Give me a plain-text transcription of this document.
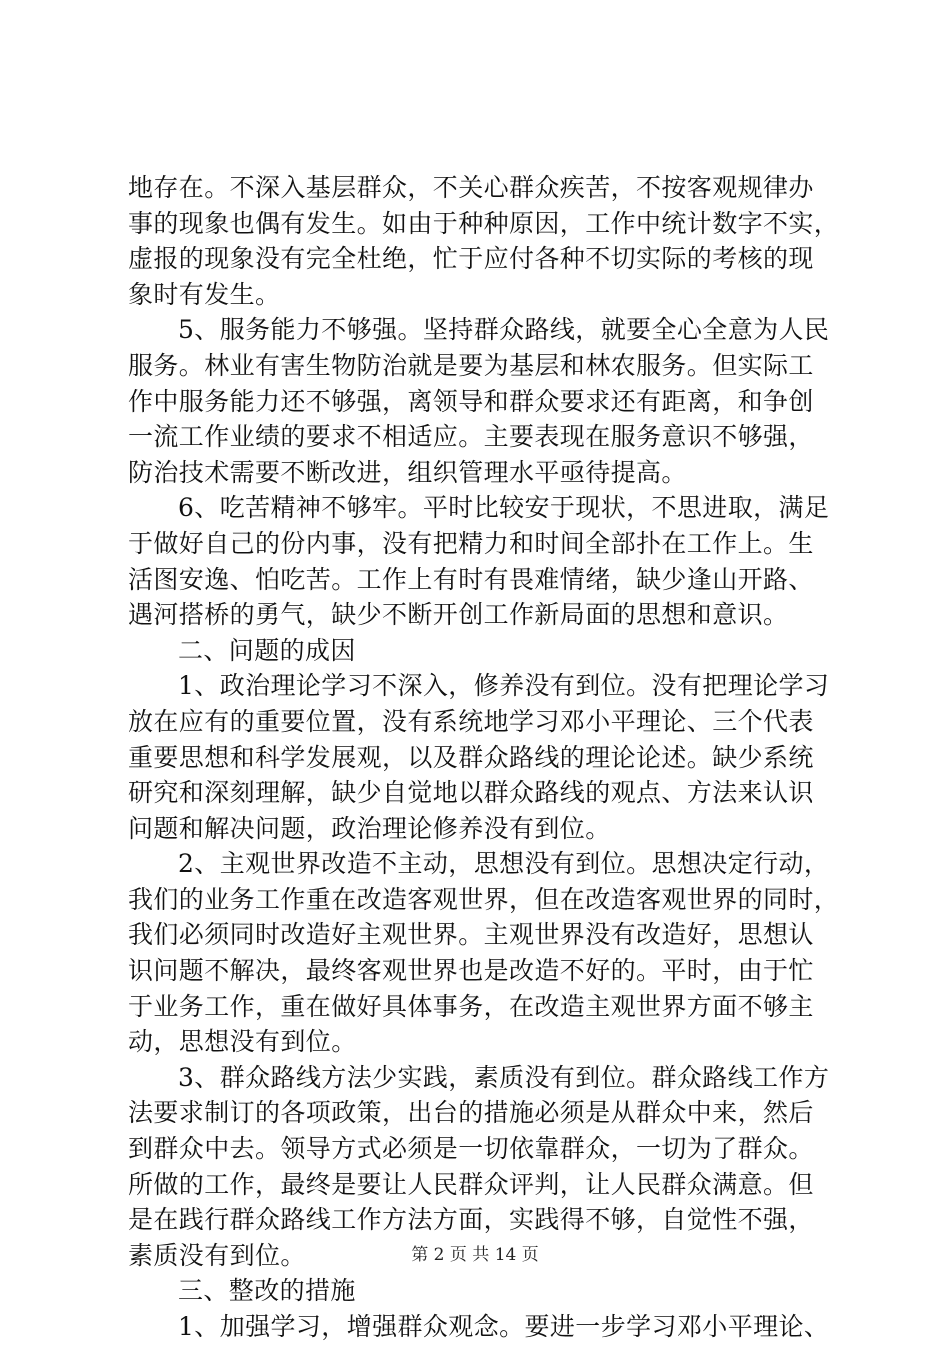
地存在。不深入基层群众，不关心群众疾苦，不按客观规律办
事的现象也偶有发生。如由于种种原因，工作中统计数字不实，
虚报的现象没有完全杜绝，忙于应付各种不切实际的考核的现
象时有发生。
5、服务能力不够强。坚持群众路线，就要全心全意为人民
服务。林业有害生物防治就是要为基层和林农服务。但实际工
作中服务能力还不够强，离领导和群众要求还有距离，和争创
一流工作业绩的要求不相适应。主要表现在服务意识不够强，
防治技术需要不断改进，组织管理水平亟待提高。
6、吃苦精神不够牢。平时比较安于现状，不思进取，满足
于做好自己的份内事，没有把精力和时间全部扑在工作上。生
活图安逸、怕吃苦。工作上有时有畏难情绪，缺少逢山开路、
遇河搭桥的勇气，缺少不断开创工作新局面的思想和意识。
二、问题的成因
1、政治理论学习不深入，修养没有到位。没有把理论学习
放在应有的重要位置，没有系统地学习邓小平理论、三个代表
重要思想和科学发展观，以及群众路线的理论论述。缺少系统
研究和深刻理解，缺少自觉地以群众路线的观点、方法来认识
问题和解决问题，政治理论修养没有到位。
2、主观世界改造不主动，思想没有到位。思想决定行动，
我们的业务工作重在改造客观世界，但在改造客观世界的同时，
我们必须同时改造好主观世界。主观世界没有改造好，思想认
识问题不解决，最终客观世界也是改造不好的。平时，由于忙
于业务工作，重在做好具体事务，在改造主观世界方面不够主
动，思想没有到位。
3、群众路线方法少实践，素质没有到位。群众路线工作方
法要求制订的各项政策，出台的措施必须是从群众中来，然后
到群众中去。领导方式必须是一切依靠群众，一切为了群众。
所做的工作，最终是要让人民群众评判，让人民群众满意。但
是在践行群众路线工作方法方面，实践得不够，自觉性不强，
素质没有到位。
三、整改的措施
1、加强学习，增强群众观念。要进一步学习邓小平理论、
第 2 页 共 14 页
